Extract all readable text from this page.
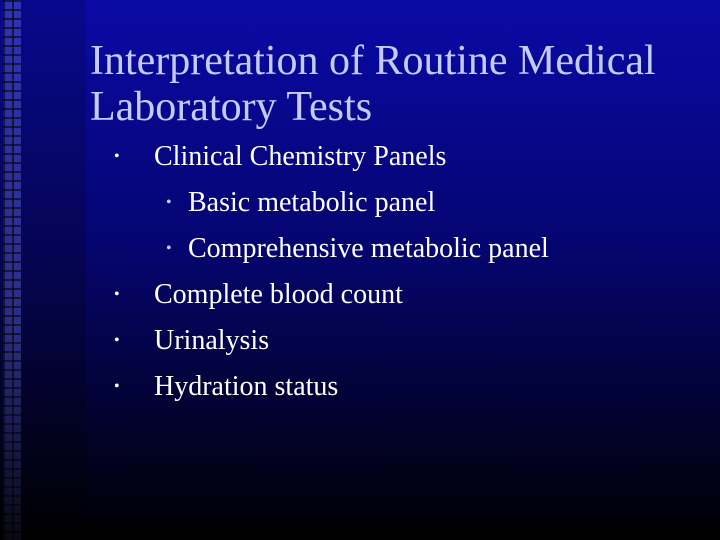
Interpretation of Routine Medical Laboratory Tests
• Clinical Chemistry Panels
• Basic metabolic panel
• Comprehensive metabolic panel
• Complete blood count
• Urinalysis
• Hydration status
